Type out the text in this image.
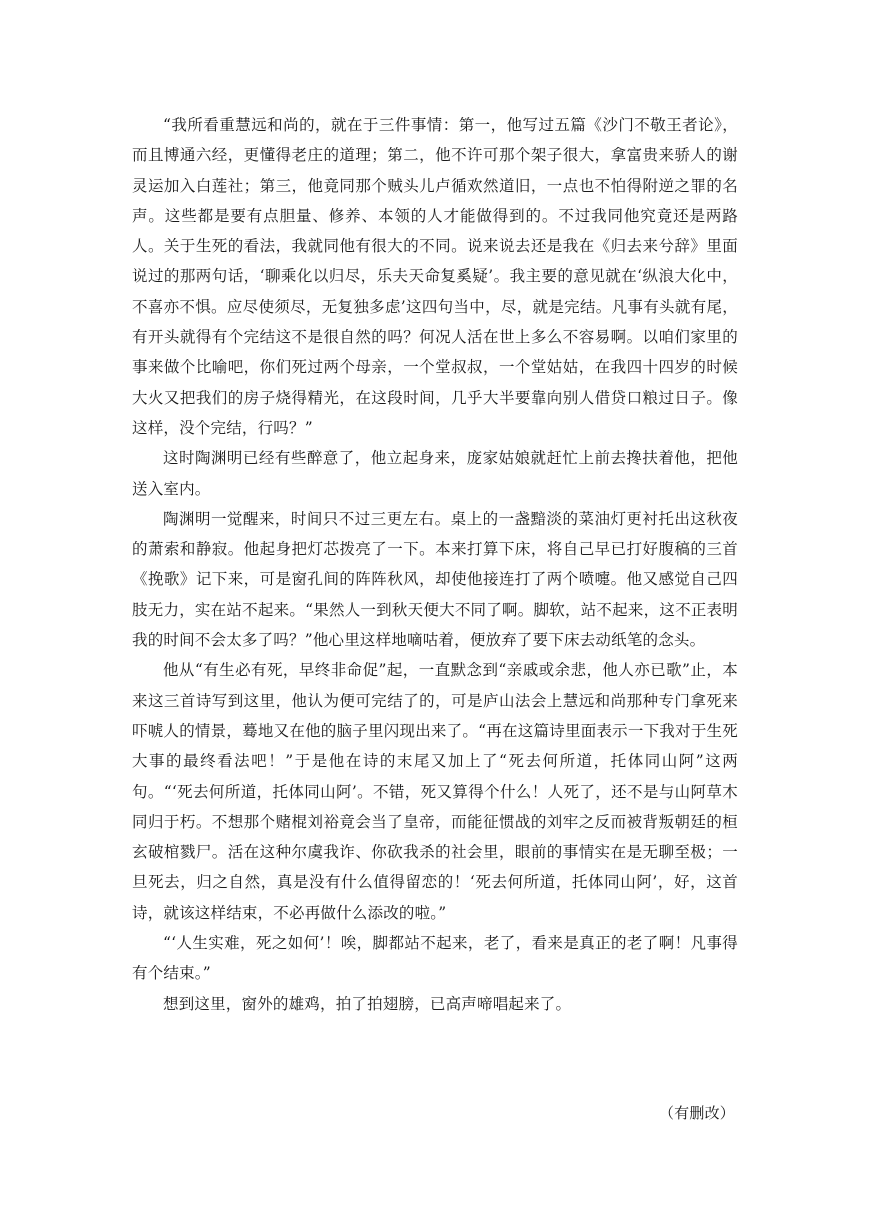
“我所看重慧远和尚的，就在于三件事情：第一，他写过五篇《沙门不敬王者论》，而且博通六经，更懂得老庄的道理；第二，他不许可那个架子很大，拿富贵来骄人的谢灵运加入白莲社；第三，他竟同那个贼头儿卢循欢然道旧，一点也不怕得附逆之罪的名声。这些都是要有点胆量、修养、本领的人才能做得到的。不过我同他究竟还是两路人。关于生死的看法，我就同他有很大的不同。说来说去还是我在《归去来兮辞》里面说过的那两句话，‘聊乘化以归尽，乐夫天命复奚疑’。我主要的意见就在‘纵浪大化中，不喜亦不惧。应尽使须尽，无复独多虑’这四句当中，尽，就是完结。凡事有头就有尾，有开头就得有个完结这不是很自然的吗？何况人活在世上多么不容易啊。以咱们家里的事来做个比喻吧，你们死过两个母亲，一个堂叔叔，一个堂姑姑，在我四十四岁的时候大火又把我们的房子烧得精光，在这段时间，几乎大半要靠向别人借贷口粮过日子。像这样，没个完结，行吗？”

这时陶渊明已经有些醉意了，他立起身来，庞家姑娘就赶忙上前去搀扶着他，把他送入室内。

陶渊明一觉醒来，时间只不过三更左右。桌上的一盏黯淡的菜油灯更衬托出这秋夜的萧索和静寂。他起身把灯芯拨亮了一下。本来打算下床，将自己早已打好腹稿的三首《挽歌》记下来，可是窗孔间的阵阵秋风，却使他接连打了两个喷嚏。他又感觉自己四肢无力，实在站不起来。“果然人一到秋天便大不同了啊。脚软，站不起来，这不正表明我的时间不会太多了吗？”他心里这样地嘀咕着，便放弃了要下床去动纸笔的念头。

他从“有生必有死，早终非命促”起，一直默念到“亲戚或余悲，他人亦已歌”止，本来这三首诗写到这里，他认为便可完结了的，可是庐山法会上慧远和尚那种专门拿死来吓唬人的情景，蓦地又在他的脑子里闪现出来了。“再在这篇诗里面表示一下我对于生死大事的最终看法吧！”于是他在诗的末尾又加上了“死去何所道，托体同山阿”这两句。“‘死去何所道，托体同山阿’。不错，死又算得个什么！人死了，还不是与山阿草木同归于朽。不想那个赌棍刘裕竟会当了皇帝，而能征惯战的刘牢之反而被背叛朝廷的桓玄破棺戮尸。活在这种尔虞我诈、你砍我杀的社会里，眼前的事情实在是无聊至极；一旦死去，归之自然，真是没有什么值得留恋的！‘死去何所道，托体同山阿’，好，这首诗，就该这样结束，不必再做什么添改的啦。”

“‘人生实难，死之如何’！唉，脚都站不起来，老了，看来是真正的老了啊！凡事得有个结束。”

想到这里，窗外的雄鸡，拍了拍翅膀，已高声啼唱起来了。

（有删改）
